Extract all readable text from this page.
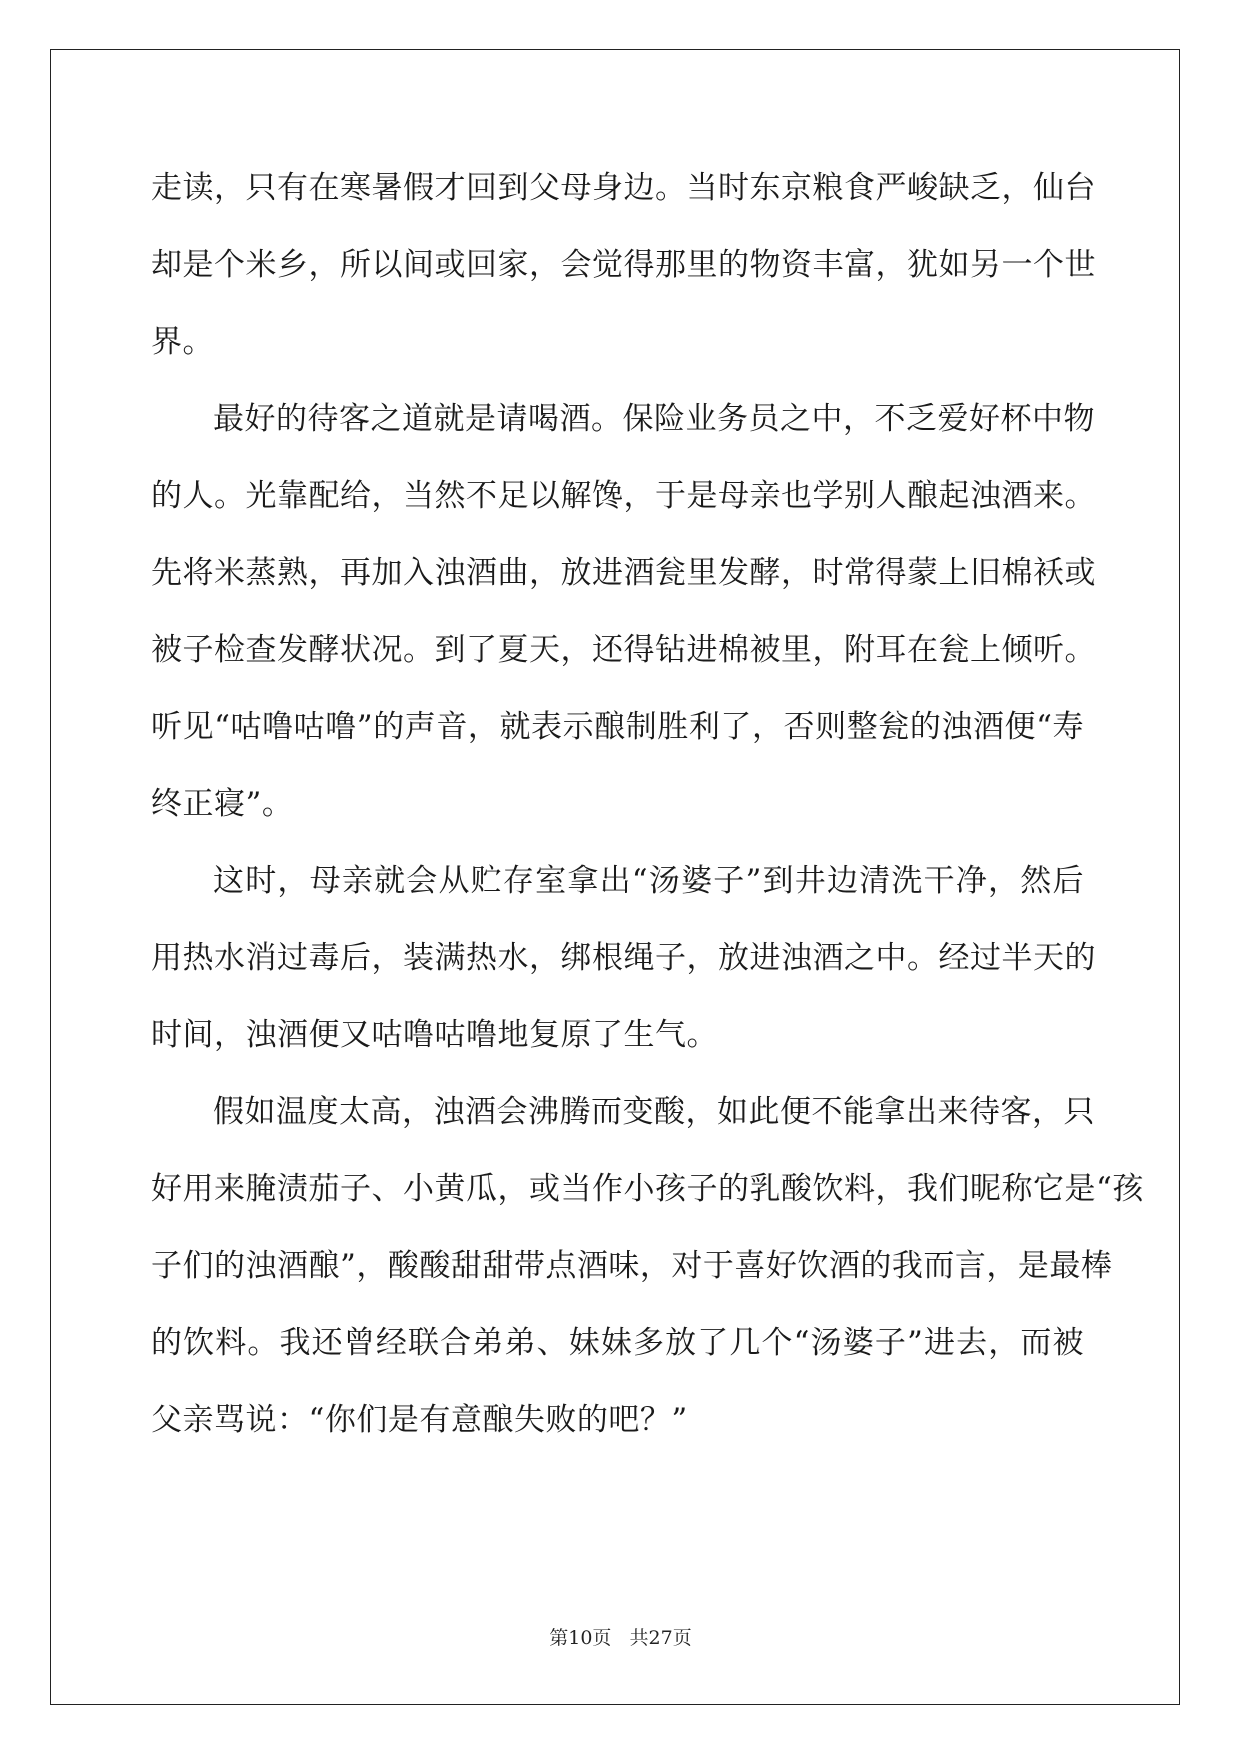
走读，只有在寒暑假才回到父母身边。当时东京粮食严峻缺乏，仙台
却是个米乡，所以间或回家，会觉得那里的物资丰富，犹如另一个世
界。
最好的待客之道就是请喝酒。保险业务员之中，不乏爱好杯中物
的人。光靠配给，当然不足以解馋，于是母亲也学别人酿起浊酒来。
先将米蒸熟，再加入浊酒曲，放进酒瓮里发酵，时常得蒙上旧棉袄或
被子检查发酵状况。到了夏天，还得钻进棉被里，附耳在瓮上倾听。
听见“咕噜咕噜”的声音，就表示酿制胜利了，否则整瓮的浊酒便“寿
终正寝”。
这时，母亲就会从贮存室拿出“汤婆子”到井边清洗干净，然后
用热水消过毒后，装满热水，绑根绳子，放进浊酒之中。经过半天的
时间，浊酒便又咕噜咕噜地复原了生气。
假如温度太高，浊酒会沸腾而变酸，如此便不能拿出来待客，只
好用来腌渍茄子、小黄瓜，或当作小孩子的乳酸饮料，我们昵称它是“孩
子们的浊酒酿”，酸酸甜甜带点酒味，对于喜好饮酒的我而言，是最棒
的饮料。我还曾经联合弟弟、妹妹多放了几个“汤婆子”进去，而被
父亲骂说：“你们是有意酿失败的吧？”
第10页   共27页
